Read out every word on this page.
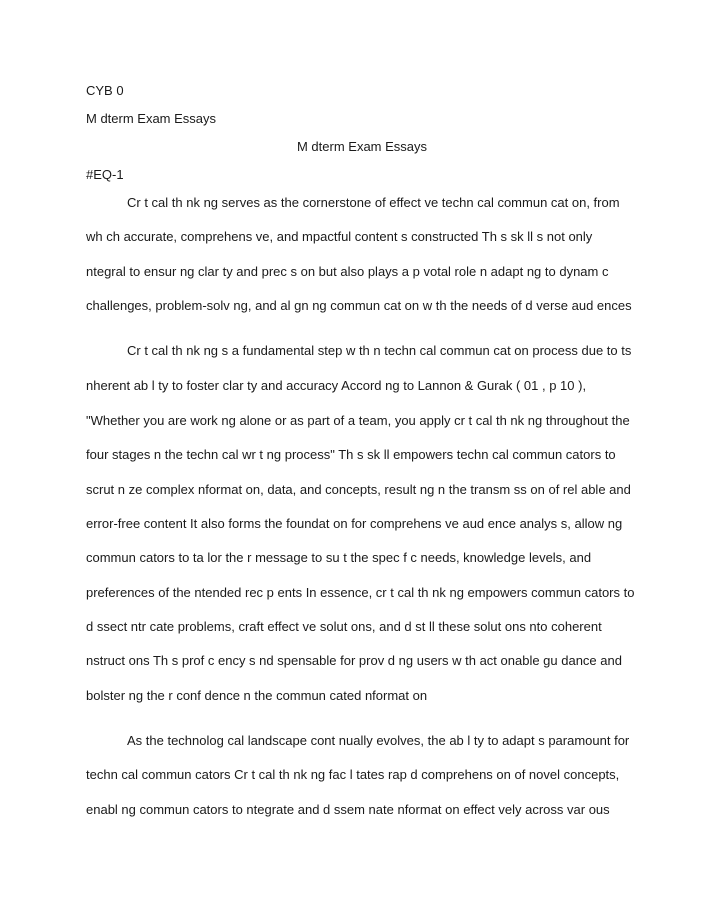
CYB 0
M dterm Exam Essays
M dterm Exam Essays
#EQ-1
Cr t cal th nk ng serves as the cornerstone of effect ve techn cal commun cat on, from
wh ch accurate, comprehens ve, and mpactful content s constructed Th s sk ll s not only
ntegral to ensur ng clar ty and prec s on but also plays a p votal role n adapt ng to dynam c
challenges, problem-solv ng, and al gn ng commun cat on w th the needs of d verse aud ences
Cr t cal th nk ng s a fundamental step w th n techn cal commun cat on process due to ts
nherent ab l ty to foster clar ty and accuracy Accord ng to Lannon & Gurak ( 01 , p 10 ),
"Whether you are work ng alone or as part of a team, you apply cr t cal th nk ng throughout the
four stages n the techn cal wr t ng process" Th s sk ll empowers techn cal commun cators to
scrut n ze complex nformat on, data, and concepts, result ng n the transm ss on of rel able and
error-free content It also forms the foundat on for comprehens ve aud ence analys s, allow ng
commun cators to ta lor the r message to su t the spec f c needs, knowledge levels, and
preferences of the ntended rec p ents In essence, cr t cal th nk ng empowers commun cators to
d ssect ntr cate problems, craft effect ve solut ons, and d st ll these solut ons nto coherent
nstruct ons Th s prof c ency s nd spensable for prov d ng users w th act onable gu dance and
bolster ng the r conf dence n the commun cated nformat on
As the technolog cal landscape cont nually evolves, the ab l ty to adapt s paramount for
techn cal commun cators Cr t cal th nk ng fac l tates rap d comprehens on of novel concepts,
enabl ng commun cators to ntegrate and d ssem nate nformat on effect vely across var ous
